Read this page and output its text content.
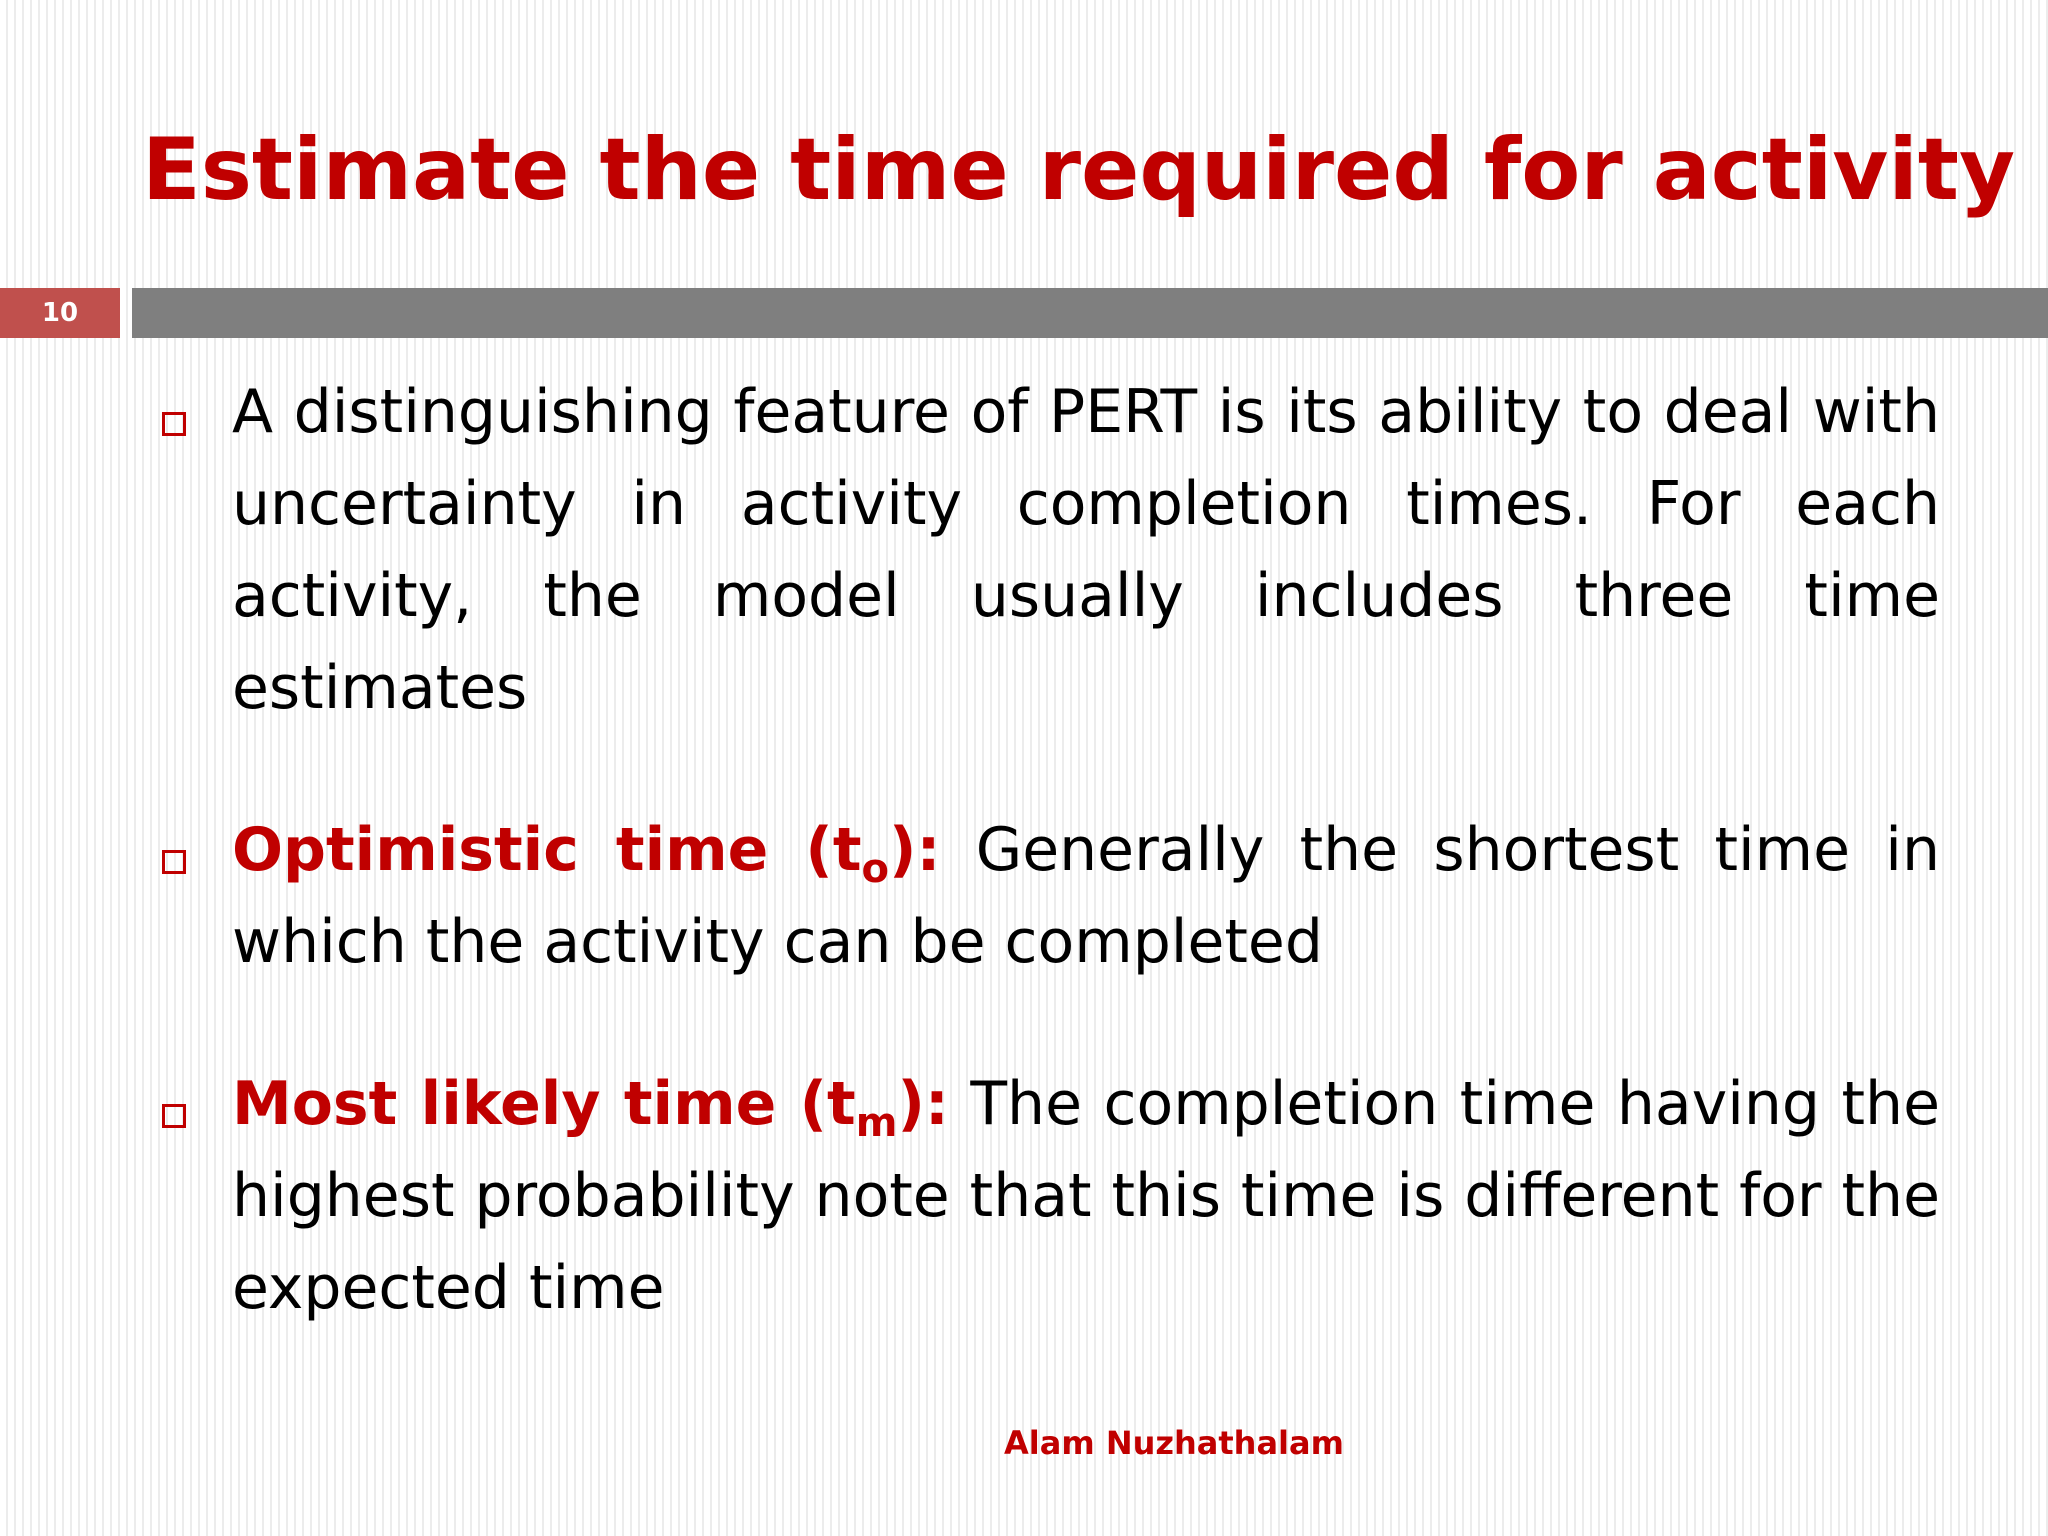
Estimate the time required for activity
10
A distinguishing feature of PERT is its ability to deal with uncertainty in activity completion times. For each activity, the model usually includes three time estimates
Optimistic time $(t_o)$: Generally the shortest time in which the activity can be completed
Most likely time $(t_m)$: The completion time having the highest probability note that this time is different for the expected time
Alam Nuzhathalam
